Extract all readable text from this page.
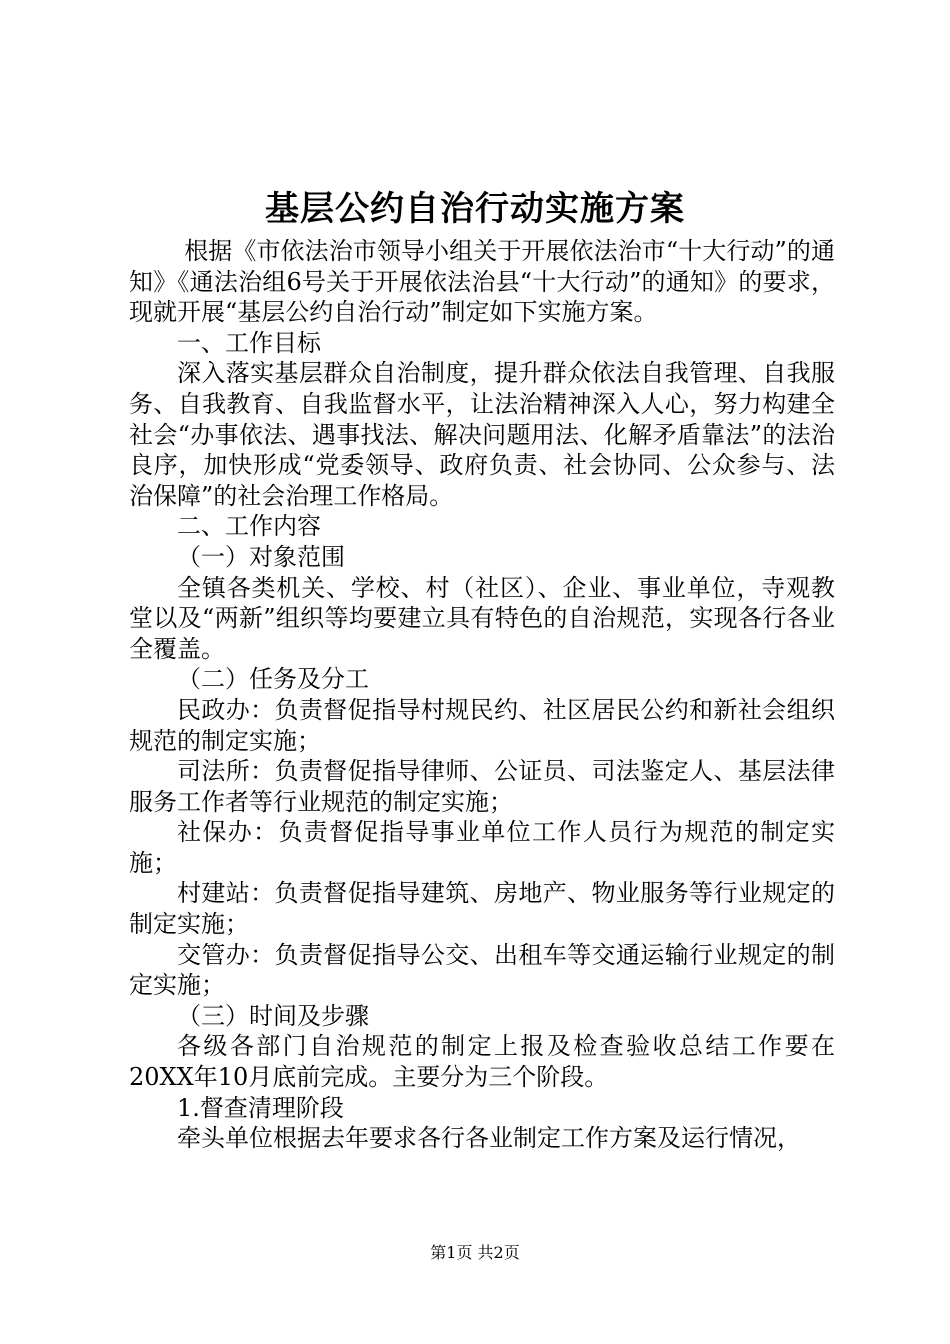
基层公约自治行动实施方案

根据《市依法治市领导小组关于开展依法治市“十大行动”的通知》《通法治组6号关于开展依法治县“十大行动”的通知》的要求，现就开展“基层公约自治行动”制定如下实施方案。

一、工作目标

深入落实基层群众自治制度，提升群众依法自我管理、自我服务、自我教育、自我监督水平，让法治精神深入人心，努力构建全社会“办事依法、遇事找法、解决问题用法、化解矛盾靠法”的法治良序，加快形成“党委领导、政府负责、社会协同、公众参与、法治保障”的社会治理工作格局。

二、工作内容

（一）对象范围

全镇各类机关、学校、村（社区）、企业、事业单位，寺观教堂以及“两新”组织等均要建立具有特色的自治规范，实现各行各业全覆盖。

（二）任务及分工

民政办：负责督促指导村规民约、社区居民公约和新社会组织规范的制定实施；

司法所：负责督促指导律师、公证员、司法鉴定人、基层法律服务工作者等行业规范的制定实施；

社保办：负责督促指导事业单位工作人员行为规范的制定实施；

村建站：负责督促指导建筑、房地产、物业服务等行业规定的制定实施；

交管办：负责督促指导公交、出租车等交通运输行业规定的制定实施；

（三）时间及步骤

各级各部门自治规范的制定上报及检查验收总结工作要在20XX年10月底前完成。主要分为三个阶段。

1.督查清理阶段

牵头单位根据去年要求各行各业制定工作方案及运行情况，

第1页 共2页
